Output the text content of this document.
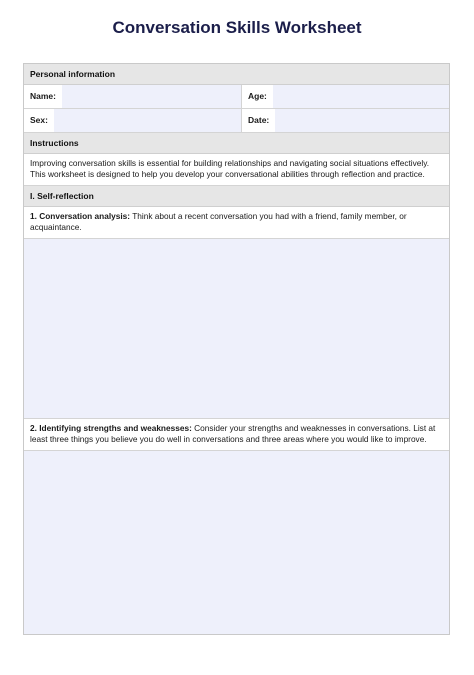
Conversation Skills Worksheet
Personal information
Name:	Age:
Sex:	Date:
Instructions
Improving conversation skills is essential for building relationships and navigating social situations effectively. This worksheet is designed to help you develop your conversational abilities through reflection and practice.
I. Self-reflection
1. Conversation analysis: Think about a recent conversation you had with a friend, family member, or acquaintance.
2. Identifying strengths and weaknesses: Consider your strengths and weaknesses in conversations. List at least three things you believe you do well in conversations and three areas where you would like to improve.
